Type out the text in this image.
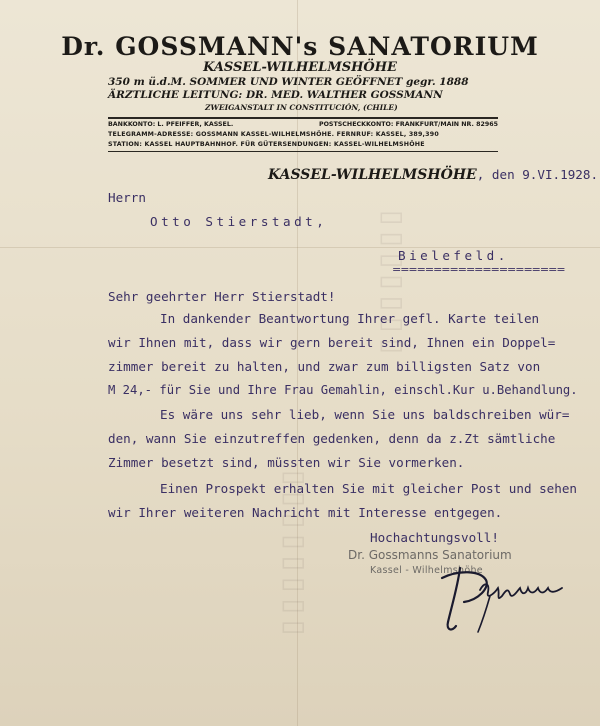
▯▯▯▯▯▯▯
▯▯▯▯▯▯▯▯
Dr. GOSSMANN's SANATORIUM
KASSEL-WILHELMSHÖHE
350 m ü.d.M. SOMMER UND WINTER GEÖFFNET gegr. 1888
ÄRZTLICHE LEITUNG: DR. MED. WALTHER GOSSMANN
ZWEIGANSTALT IN CONSTITUCIÓN, (CHILE)
BANKKONTO: L. PFEIFFER, KASSEL.	POSTSCHECKKONTO: FRANKFURT/MAIN NR. 82965
TELEGRAMM-ADRESSE: GOSSMANN KASSEL-WILHELMSHÖHE. FERNRUF: KASSEL, 389,390
STATION: KASSEL HAUPTBAHNHOF. FÜR GÜTERSENDUNGEN: KASSEL-WILHELMSHÖHE
KASSEL-WILHELMSHÖHE, den 9.VI.1928.
Herrn
Otto Stierstadt,
Bielefeld.
=====================
Sehr geehrter Herr Stierstadt!
In dankender Beantwortung Ihrer gefl. Karte teilen
wir Ihnen mit, dass wir gern bereit sind, Ihnen ein Doppel=
zimmer bereit zu halten, und zwar zum billigsten Satz von
M 24,- für Sie und Ihre Frau Gemahlin, einschl.Kur u.Behandlung.
Es wäre uns sehr lieb, wenn Sie uns baldschreiben wür=
den, wann Sie einzutreffen gedenken, denn da z.Zt sämtliche
Zimmer besetzt sind, müssten wir Sie vormerken.
Einen Prospekt erhalten Sie mit gleicher Post und sehen
wir Ihrer weiteren Nachricht mit Interesse entgegen.
Hochachtungsvoll!
Dr. Gossmanns Sanatorium
Kassel - Wilhelmshöhe
